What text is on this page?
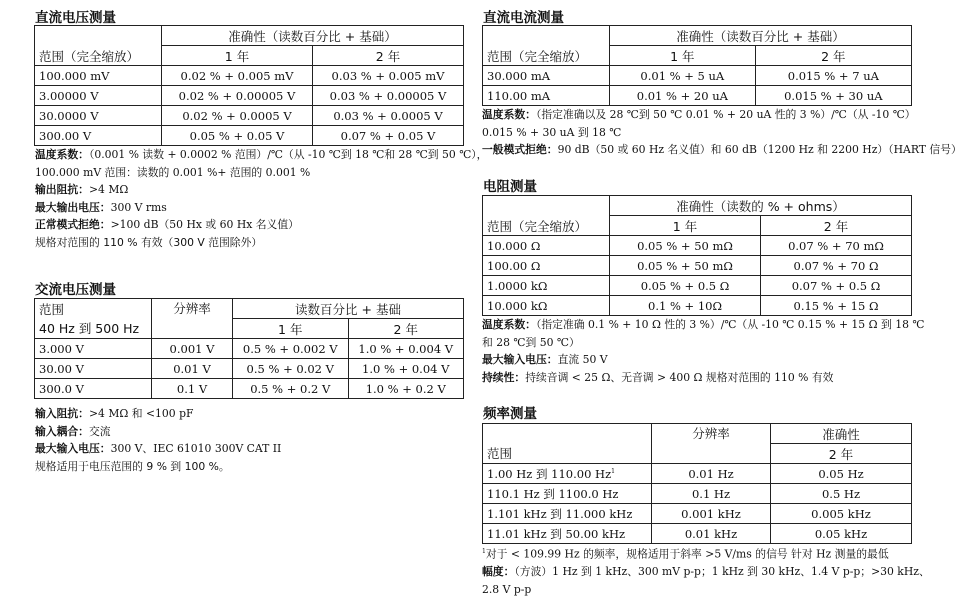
直流电压测量
范围（完全缩放）	准确性（读数百分比 + 基础）	
	1 年	2 年
100.000 mV	0.02 % + 0.005 mV	0.03 % + 0.005 mV
3.00000 V	0.02 % + 0.00005 V	0.03 % + 0.00005 V
30.0000 V	0.02 % + 0.0005 V	0.03 % + 0.0005 V
300.00 V	0.05 % + 0.05 V	0.07 % + 0.05 V
温度系数：（0.001 % 读数 + 0.0002 % 范围）/℃（从 -10 ℃到 18 ℃和 28 ℃到 50 ℃），
100.000 mV 范围：读数的 0.001 %+ 范围的 0.001 %
输出阻抗：>4 MΩ
最大输出电压：300 V rms
正常模式拒绝：>100 dB（50 Hx 或 60 Hx 名义值）
规格对范围的 110 % 有效（300 V 范围除外）
交流电压测量
范围	分辨率	读数百分比 + 基础	
40 Hz 到 500 Hz		1 年	2 年
3.000 V	0.001 V	0.5 % + 0.002 V	1.0 % + 0.004 V
30.00 V	0.01 V	0.5 % + 0.02 V	1.0 % + 0.04 V
300.0 V	0.1 V	0.5 % + 0.2 V	1.0 % + 0.2 V
输入阻抗：>4 MΩ 和 <100 pF
输入耦合：交流
最大输入电压：300 V、IEC 61010 300V CAT II
规格适用于电压范围的 9 % 到 100 %。
直流电流测量
范围（完全缩放）	准确性（读数百分比 + 基础）	
	1 年	2 年
30.000 mA	0.01 % + 5 uA	0.015 % + 7 uA
110.00 mA	0.01 % + 20 uA	0.015 % + 30 uA
温度系数：（指定准确以及 28 ℃到 50 ℃ 0.01 % + 20 uA 性的 3 %）/℃（从 -10 ℃）
0.015 % + 30 uA 到 18 ℃
一般模式拒绝：90 dB（50 或 60 Hz 名义值）和 60 dB（1200 Hz 和 2200 Hz）（HART 信号）
电阻测量
范围（完全缩放）	准确性（读数的 % + ohms）	
	1 年	2 年
10.000 Ω	0.05 % + 50 mΩ	0.07 % + 70 mΩ
100.00 Ω	0.05 % + 50 mΩ	0.07 % + 70 Ω
1.0000 kΩ	0.05 % + 0.5 Ω	0.07 % + 0.5 Ω
10.000 kΩ	0.1 % + 10Ω	0.15 % + 15 Ω
温度系数：（指定准确 0.1 % + 10 Ω 性的 3 %）/℃（从 -10 ℃ 0.15 % + 15 Ω 到 18 ℃
和 28 ℃到 50 ℃）
最大输入电压：直流 50 V
持续性：持续音调 < 25 Ω、无音调 > 400 Ω 规格对范围的 110 % 有效
频率测量
	分辨率	准确性
范围		2 年
1.00 Hz 到 110.00 Hz$^1$	0.01 Hz	0.05 Hz
110.1 Hz 到 1100.0 Hz	0.1 Hz	0.5 Hz
1.101 kHz 到 11.000 kHz	0.001 kHz	0.005 kHz
11.01 kHz 到 50.00 kHz	0.01 kHz	0.05 kHz
$^1$对于 < 109.99 Hz 的频率，规格适用于斜率 >5 V/ms 的信号 针对 Hz 测量的最低
幅度：（方波）1 Hz 到 1 kHz、300 mV p-p；1 kHz 到 30 kHz、1.4 V p-p；>30 kHz、
2.8 V p-p
